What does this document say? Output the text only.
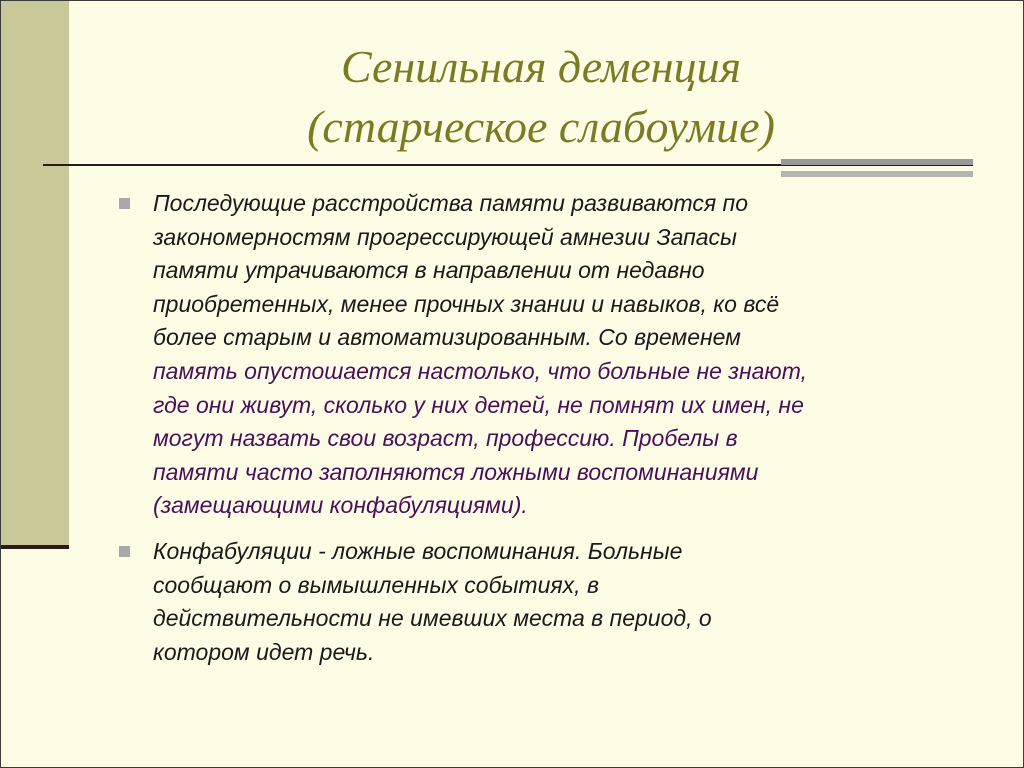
Сенильная деменция
(старческое слабоумие)
Последующие расстройства памяти развиваются по
закономерностям прогрессирующей амнезии Запасы
памяти утрачиваются в направлении от недавно
приобретенных, менее прочных знании и навыков, ко всё
более старым и автоматизированным. Со временем
память опустошается настолько, что больные не знают,
где они живут, сколько у них детей, не помнят их имен, не
могут назвать свои возраст, профессию. Пробелы в
памяти часто заполняются ложными воспоминаниями
(замещающими конфабуляциями).
Конфабуляции - ложные воспоминания. Больные
сообщают о вымышленных событиях, в
действительности не имевших места в период, о
котором идет речь.
